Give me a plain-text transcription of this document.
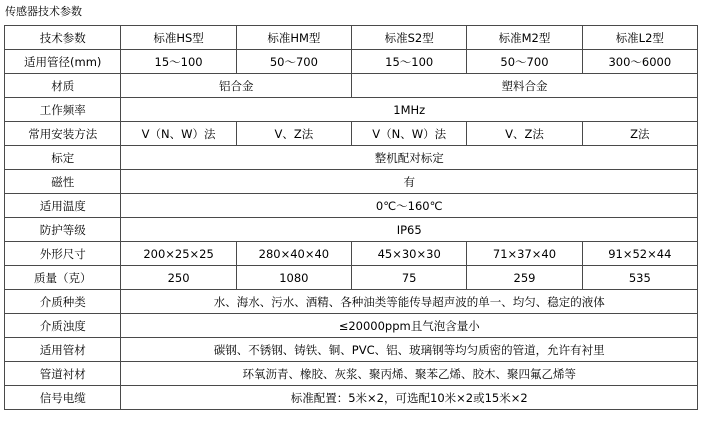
传感器技术参数
技术参数	标准HS型	标准HM型	标准S2型	标准M2型	标准L2型
适用管径(mm)	15～100	50～700	15～100	50～700	300～6000
材质	铝合金		塑料合金		
工作频率	1MHz				
常用安装方法	V（N、W）法	V、Z法	V（N、W）法	V、Z法	Z法
标定	整机配对标定				
磁性	有				
适用温度	0℃～160℃				
防护等级	IP65				
外形尺寸	200×25×25	280×40×40	45×30×30	71×37×40	91×52×44
质量（克）	250	1080	75	259	535
介质种类	水、海水、污水、酒精、各种油类等能传导超声波的单一、均匀、稳定的液体				
介质浊度	≤20000ppm且气泡含量小				
适用管材	碳钢、不锈钢、铸铁、铜、PVC、铝、玻璃钢等均匀质密的管道，允许有衬里				
管道衬材	环氧沥青、橡胶、灰浆、聚丙烯、聚苯乙烯、胶木、聚四氟乙烯等				
信号电缆	标准配置：5米×2，可选配10米×2或15米×2				
